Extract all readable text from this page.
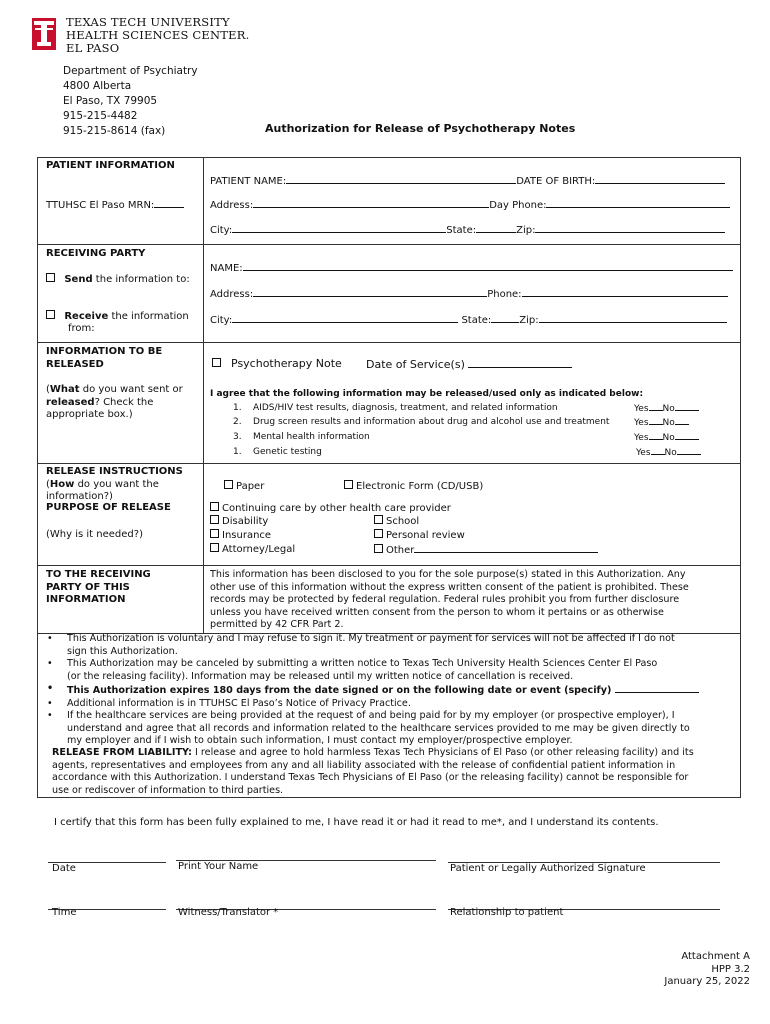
TEXAS TECH UNIVERSITY
HEALTH SCIENCES CENTER.
EL PASO
Department of Psychiatry
4800 Alberta
El Paso, TX 79905
915-215-4482
915-215-8614 (fax)	Authorization for Release of Psychotherapy Notes
PATIENT INFORMATION
TTUHSC El Paso MRN:
PATIENT NAME:	DATE OF BIRTH:
Address:	Day Phone:
City:	State:	Zip:
RECEIVING PARTY
Send the information to:
Receive the information
from:
NAME:
Address:	Phone:
City:	State:	Zip:
INFORMATION TO BE
RELEASED
(What do you want sent or
released? Check the
appropriate box.)
Psychotherapy Note Date of Service(s)
I agree that the following information may be released/used only as indicated below:
1. AIDS/HIV test results, diagnosis, treatment, and related information	Yes No
2. Drug screen results and information about drug and alcohol use and treatment	Yes No
3. Mental health information	Yes No
1. Genetic testing	Yes No
RELEASE INSTRUCTIONS
(How do you want the
information?)
Paper	Electronic Form (CD/USB)
PURPOSE OF RELEASE
(Why is it needed?)
Continuing care by other health care provider
Disability	School
Insurance	Personal review
Attorney/Legal	Other
TO THE RECEIVING
PARTY OF THIS
INFORMATION
This information has been disclosed to you for the sole purpose(s) stated in this Authorization. Any
other use of this information without the express written consent of the patient is prohibited. These
records may be protected by federal regulation. Federal rules prohibit you from further disclosure
unless you have received written consent from the person to whom it pertains or as otherwise
permitted by 42 CFR Part 2.
• This Authorization is voluntary and I may refuse to sign it. My treatment or payment for services will not be affected if I do not
sign this Authorization.
• This Authorization may be canceled by submitting a written notice to Texas Tech University Health Sciences Center El Paso
(or the releasing facility). Information may be released until my written notice of cancellation is received.
• This Authorization expires 180 days from the date signed or on the following date or event (specify)
• Additional information is in TTUHSC El Paso’s Notice of Privacy Practice.
• If the healthcare services are being provided at the request of and being paid for by my employer (or prospective employer), I
understand and agree that all records and information related to the healthcare services provided to me may be given directly to
my employer and if I wish to obtain such information, I must contact my employer/prospective employer.
RELEASE FROM LIABILITY: I release and agree to hold harmless Texas Tech Physicians of El Paso (or other releasing facility) and its
agents, representatives and employees from any and all liability associated with the release of confidential patient information in
accordance with this Authorization. I understand Texas Tech Physicians of El Paso (or the releasing facility) cannot be responsible for
use or rediscover of information to third parties.
I certify that this form has been fully explained to me, I have read it or had it read to me*, and I understand its contents.
Date	Print Your Name	Patient or Legally Authorized Signature
Time	Witness/Translator *	Relationship to patient
Attachment A
HPP 3.2
January 25, 2022
